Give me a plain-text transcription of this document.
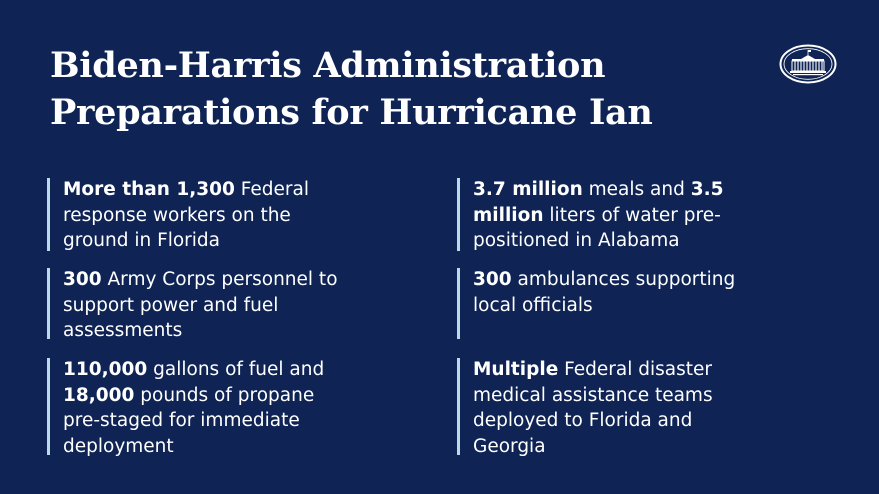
Biden-Harris Administration
Preparations for Hurricane Ian
More than 1,300 Federal
response workers on the
ground in Florida
3.7 million meals and 3.5
million liters of water pre-
positioned in Alabama
300 Army Corps personnel to
support power and fuel
assessments
300 ambulances supporting
local officials
110,000 gallons of fuel and
18,000 pounds of propane
pre-staged for immediate
deployment
Multiple Federal disaster
medical assistance teams
deployed to Florida and
Georgia
